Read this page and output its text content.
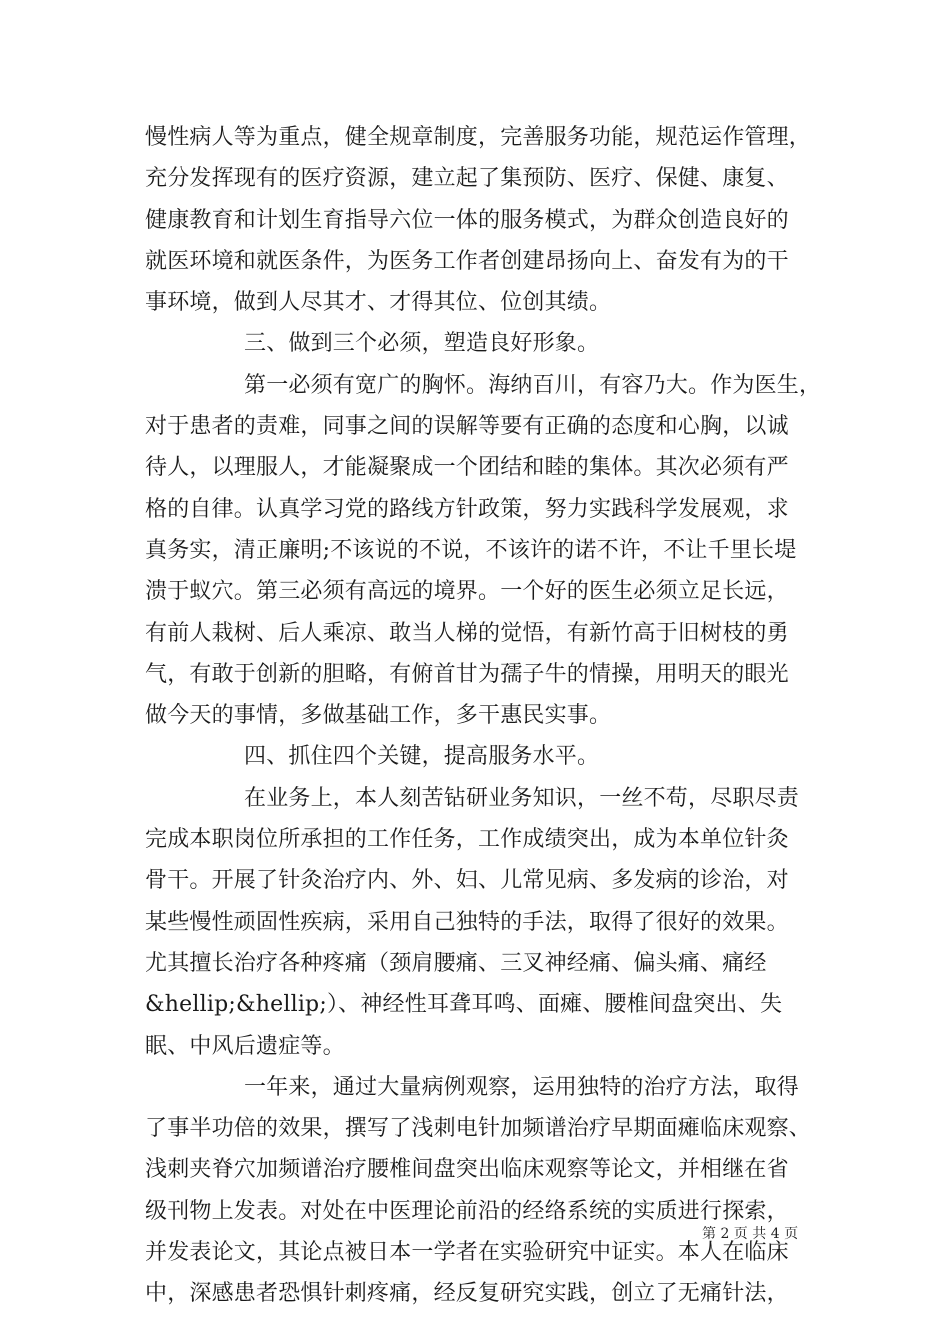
慢性病人等为重点，健全规章制度，完善服务功能，规范运作管理，
充分发挥现有的医疗资源，建立起了集预防、医疗、保健、康复、
健康教育和计划生育指导六位一体的服务模式，为群众创造良好的
就医环境和就医条件，为医务工作者创建昂扬向上、奋发有为的干
事环境，做到人尽其才、才得其位、位创其绩。
三、做到三个必须，塑造良好形象。
第一必须有宽广的胸怀。海纳百川，有容乃大。作为医生，
对于患者的责难，同事之间的误解等要有正确的态度和心胸，以诚
待人，以理服人，才能凝聚成一个团结和睦的集体。其次必须有严
格的自律。认真学习党的路线方针政策，努力实践科学发展观，求
真务实，清正廉明;不该说的不说，不该许的诺不许，不让千里长堤
溃于蚁穴。第三必须有高远的境界。一个好的医生必须立足长远，
有前人栽树、后人乘凉、敢当人梯的觉悟，有新竹高于旧树枝的勇
气，有敢于创新的胆略，有俯首甘为孺子牛的情操，用明天的眼光
做今天的事情，多做基础工作，多干惠民实事。
四、抓住四个关键，提高服务水平。
在业务上，本人刻苦钻研业务知识，一丝不苟，尽职尽责
完成本职岗位所承担的工作任务，工作成绩突出，成为本单位针灸
骨干。开展了针灸治疗内、外、妇、儿常见病、多发病的诊治，对
某些慢性顽固性疾病，采用自己独特的手法，取得了很好的效果。
尤其擅长治疗各种疼痛（颈肩腰痛、三叉神经痛、偏头痛、痛经
&hellip;&hellip;）、神经性耳聋耳鸣、面瘫、腰椎间盘突出、失
眠、中风后遗症等。
一年来，通过大量病例观察，运用独特的治疗方法，取得
了事半功倍的效果，撰写了浅刺电针加频谱治疗早期面瘫临床观察、
浅刺夹脊穴加频谱治疗腰椎间盘突出临床观察等论文，并相继在省
级刊物上发表。对处在中医理论前沿的经络系统的实质进行探索，
并发表论文，其论点被日本一学者在实验研究中证实。本人在临床
中，深感患者恐惧针刺疼痛，经反复研究实践，创立了无痛针法，
第 2 页 共 4 页
